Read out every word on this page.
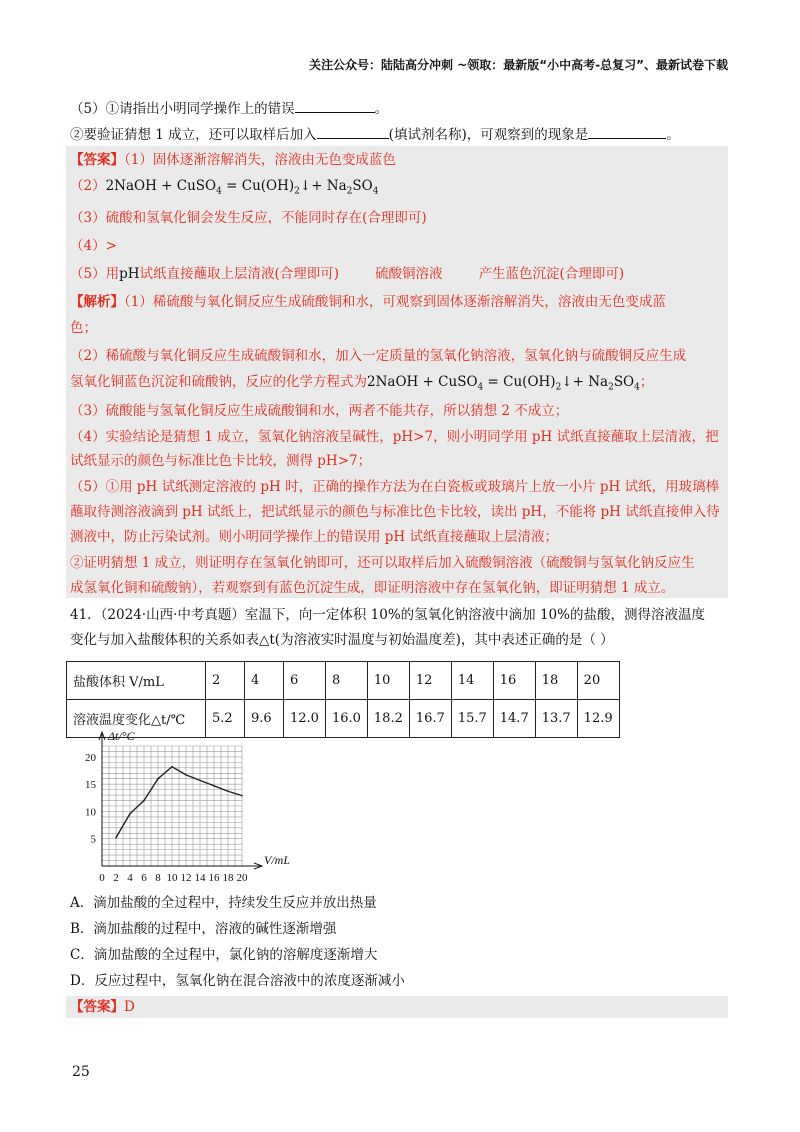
关注公众号：陆陆高分冲刺 ~领取：最新版“小中高考-总复习”、最新试卷下载
（5）①请指出小明同学操作上的错误	。
②要验证猜想 1 成立，还可以取样后加入	(填试剂名称)，可观察到的现象是	。
【答案】（1）固体逐渐溶解消失，溶液由无色变成蓝色
（2）2NaOH + CuSO$_4$ = $Cu(OH)_2↓+ Na_2SO_4$
（3）硫酸和氢氧化铜会发生反应，不能同时存在(合理即可)
（4）>
（5）用pH试纸直接蘸取上层清液(合理即可)	硫酸铜溶液	产生蓝色沉淀(合理即可)
【解析】（1）稀硫酸与氧化铜反应生成硫酸铜和水，可观察到固体逐渐溶解消失，溶液由无色变成蓝
色；
（2）稀硫酸与氧化铜反应生成硫酸铜和水，加入一定质量的氢氧化钠溶液，氢氧化钠与硫酸铜反应生成
氢氧化铜蓝色沉淀和硫酸钠，反应的化学方程式为2NaOH + CuSO$_4$ = $Cu(OH)_2↓+ Na_2SO_4$；
（3）硫酸能与氢氧化铜反应生成硫酸铜和水，两者不能共存，所以猜想 2 不成立；
（4）实验结论是猜想 1 成立，氢氧化钠溶液呈碱性，pH>7，则小明同学用 pH 试纸直接蘸取上层清液，把
试纸显示的颜色与标准比色卡比较，测得 pH>7；
（5）①用 pH 试纸测定溶液的 pH 时，正确的操作方法为在白瓷板或玻璃片上放一小片 pH 试纸，用玻璃棒
蘸取待测溶液滴到 pH 试纸上，把试纸显示的颜色与标准比色卡比较，读出 pH，不能将 pH 试纸直接伸入待
测液中，防止污染试剂。则小明同学操作上的错误用 pH 试纸直接蘸取上层清液；
②证明猜想 1 成立，则证明存在氢氧化钠即可，还可以取样后加入硫酸铜溶液（硫酸铜与氢氧化钠反应生
成氢氧化铜和硫酸钠），若观察到有蓝色沉淀生成，即证明溶液中存在氢氧化钠，即证明猜想 1 成立。
41．（2024·山西·中考真题）室温下，向一定体积 10%的氢氧化钠溶液中滴加 10%的盐酸，测得溶液温度
变化与加入盐酸体积的关系如表△t(为溶液实时温度与初始温度差)，其中表述正确的是（ ）
盐酸体积 V/mL	2	4	6	8	10	12	14	16	18	20
溶液温度变化△t/℃	5.2	9.6	12.0	16.0	18.2	16.7	15.7	14.7	13.7	12.9
0 2 4 6 8 10 12 14 16 18 20
5
10
15
20
Δt/°C
V/mL
A．滴加盐酸的全过程中，持续发生反应并放出热量
B．滴加盐酸的过程中，溶液的碱性逐渐增强
C．滴加盐酸的全过程中，氯化钠的溶解度逐渐增大
D．反应过程中，氢氧化钠在混合溶液中的浓度逐渐减小
【答案】D
25
